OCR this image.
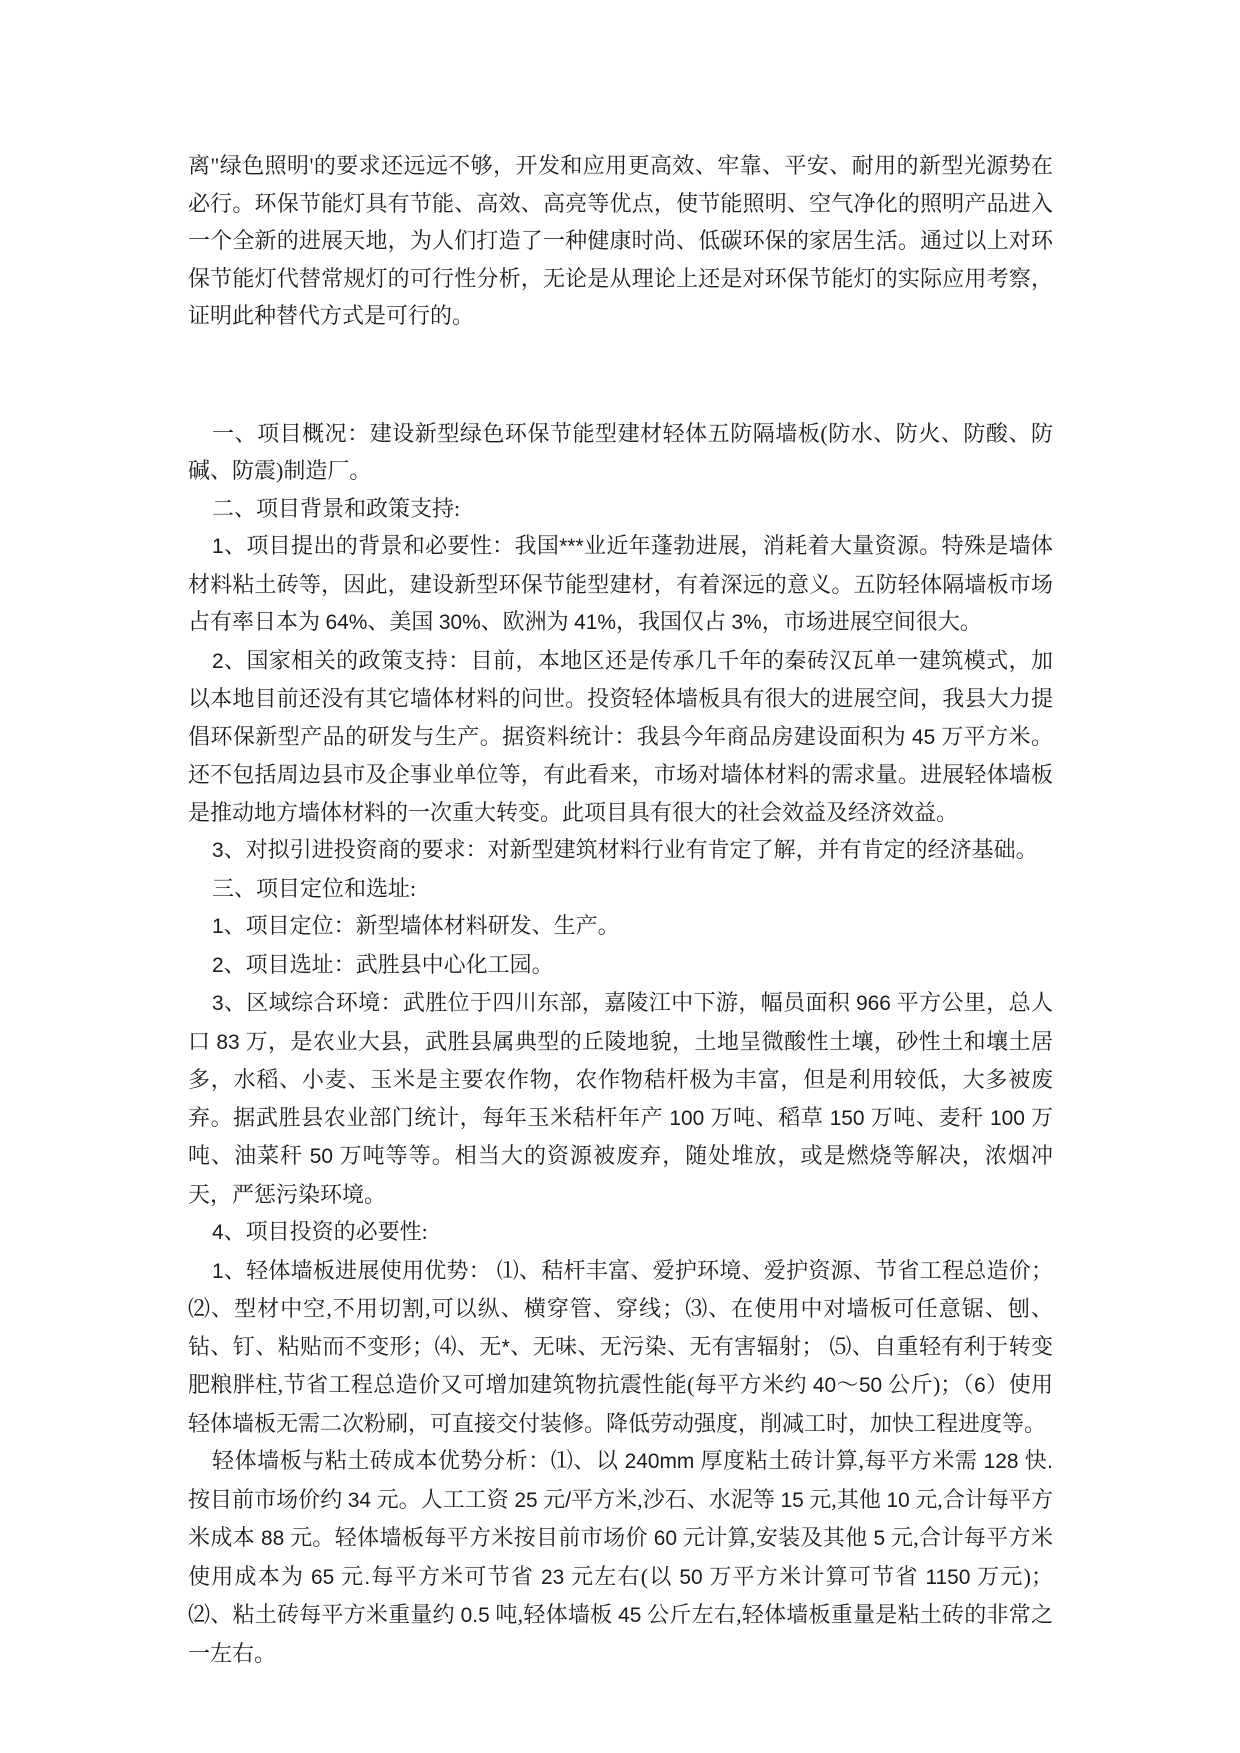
离"绿色照明'的要求还远远不够，开发和应用更高效、牢靠、平安、耐用的新型光源势在必行。环保节能灯具有节能、高效、高亮等优点，使节能照明、空气净化的照明产品进入一个全新的进展天地，为人们打造了一种健康时尚、低碳环保的家居生活。通过以上对环保节能灯代替常规灯的可行性分析，无论是从理论上还是对环保节能灯的实际应用考察，证明此种替代方式是可行的。

一、项目概况：建设新型绿色环保节能型建材轻体五防隔墙板(防水、防火、防酸、防碱、防震)制造厂。

二、项目背景和政策支持:

1、项目提出的背景和必要性：我国***业近年蓬勃进展，消耗着大量资源。特殊是墙体材料粘土砖等，因此，建设新型环保节能型建材，有着深远的意义。五防轻体隔墙板市场占有率日本为 64%、美国 30%、欧洲为 41%，我国仅占 3%，市场进展空间很大。

2、国家相关的政策支持：目前，本地区还是传承几千年的秦砖汉瓦单一建筑模式，加以本地目前还没有其它墙体材料的问世。投资轻体墙板具有很大的进展空间，我县大力提倡环保新型产品的研发与生产。据资料统计：我县今年商品房建设面积为 45 万平方米。还不包括周边县市及企事业单位等，有此看来，市场对墙体材料的需求量。进展轻体墙板是推动地方墙体材料的一次重大转变。此项目具有很大的社会效益及经济效益。

3、对拟引进投资商的要求：对新型建筑材料行业有肯定了解，并有肯定的经济基础。

三、项目定位和选址:

1、项目定位：新型墙体材料研发、生产。

2、项目选址：武胜县中心化工园。

3、区域综合环境：武胜位于四川东部，嘉陵江中下游，幅员面积 966 平方公里，总人口 83 万，是农业大县，武胜县属典型的丘陵地貌，土地呈微酸性土壤，砂性土和壤土居多，水稻、小麦、玉米是主要农作物，农作物秸杆极为丰富，但是利用较低，大多被废弃。据武胜县农业部门统计，每年玉米秸杆年产 100 万吨、稻草 150 万吨、麦秆 100 万吨、油菜秆 50 万吨等等。相当大的资源被废弃，随处堆放，或是燃烧等解决，浓烟冲天，严惩污染环境。

4、项目投资的必要性:

1、轻体墙板进展使用优势： ⑴、秸杆丰富、爱护环境、爱护资源、节省工程总造价；⑵、型材中空,不用切割,可以纵、横穿管、穿线；⑶、在使用中对墙板可任意锯、刨、钻、钉、粘贴而不变形；⑷、无*、无味、无污染、无有害辐射； ⑸、自重轻有利于转变肥粮胖柱,节省工程总造价又可增加建筑物抗震性能(每平方米约 40～50 公斤)；（6）使用轻体墙板无需二次粉刷，可直接交付装修。降低劳动强度，削减工时，加快工程进度等。

轻体墙板与粘土砖成本优势分析：⑴、以 240mm 厚度粘土砖计算,每平方米需 128 快.按目前市场价约 34 元。人工工资 25 元/平方米,沙石、水泥等 15 元,其他 10 元,合计每平方米成本 88 元。轻体墙板每平方米按目前市场价 60 元计算,安装及其他 5 元,合计每平方米使用成本为 65 元.每平方米可节省 23 元左右(以 50 万平方米计算可节省 1150 万元)； ⑵、粘土砖每平方米重量约 0.5 吨,轻体墙板 45 公斤左右,轻体墙板重量是粘土砖的非常之一左右。
